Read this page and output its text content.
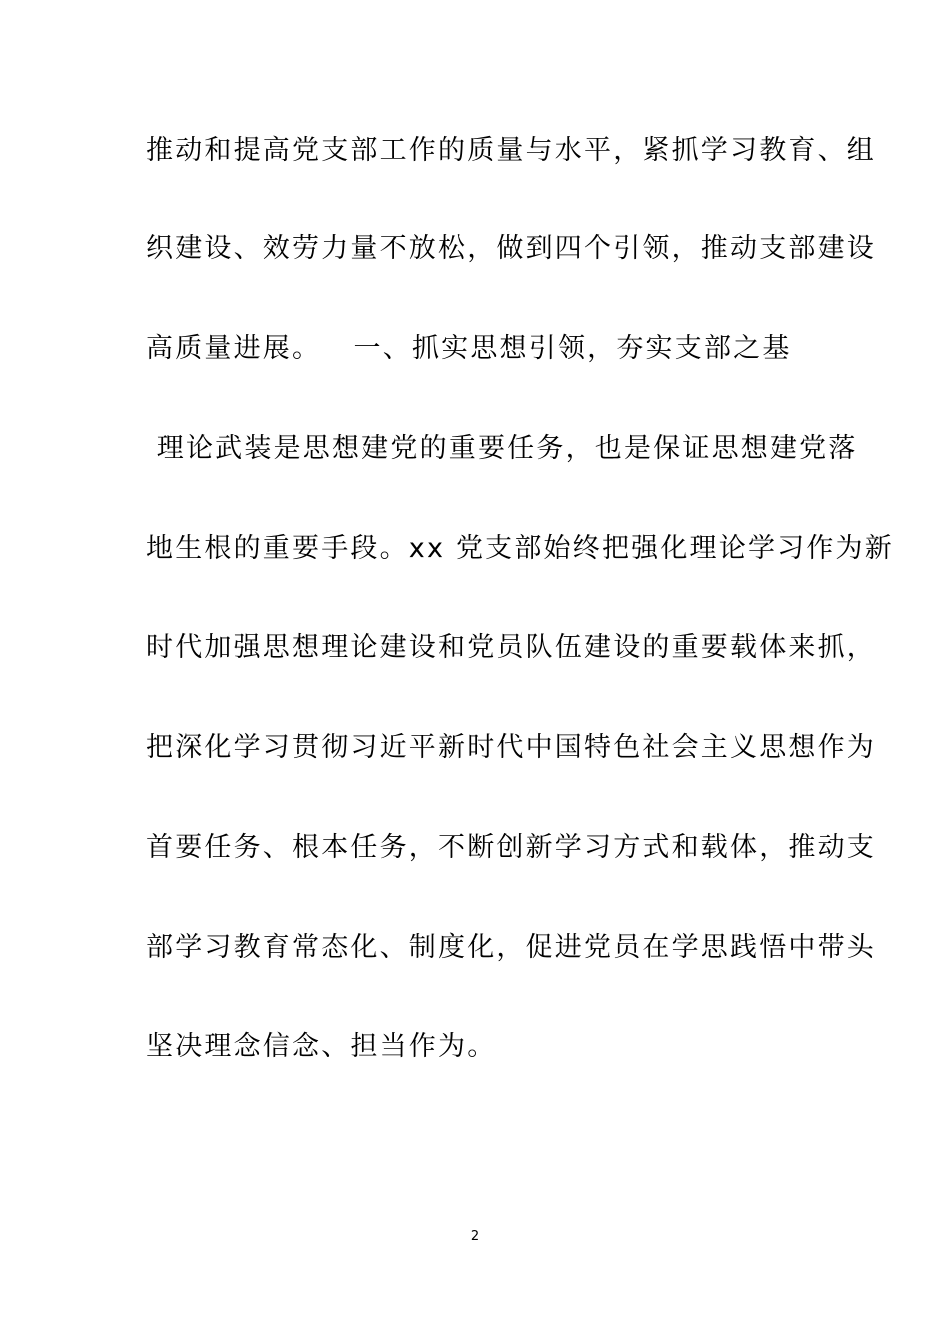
推动和提高党支部工作的质量与水平，紧抓学习教育、组
织建设、效劳力量不放松，做到四个引领，推动支部建设
高质量进展。   一、抓实思想引领，夯实支部之基
理论武装是思想建党的重要任务，也是保证思想建党落
地生根的重要手段。xx 党支部始终把强化理论学习作为新
时代加强思想理论建设和党员队伍建设的重要载体来抓，
把深化学习贯彻习近平新时代中国特色社会主义思想作为
首要任务、根本任务，不断创新学习方式和载体，推动支
部学习教育常态化、制度化，促进党员在学思践悟中带头
坚决理念信念、担当作为。
2
